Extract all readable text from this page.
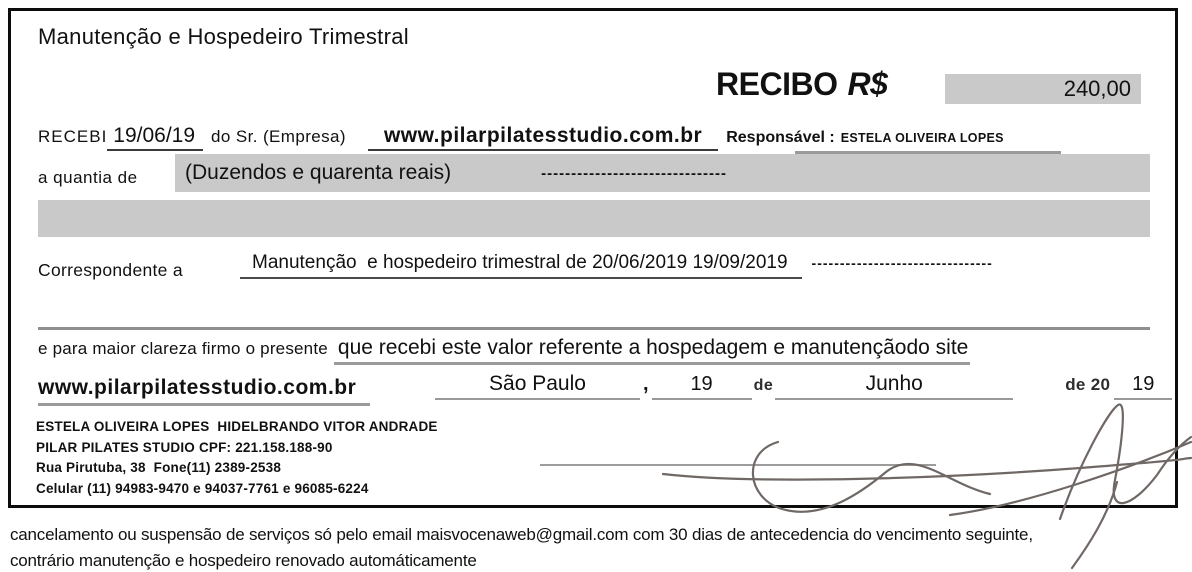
Manutenção e Hospedeiro Trimestral
RECIBO R$	240,00
RECEBI 19/06/19 do Sr. (Empresa)	www.pilarpilatesstudio.com.br	Responsável : ESTELA OLIVEIRA LOPES
a quantia de (Duzendos e quarenta reais)	-------------------------------
Correspondente a	Manutenção  e hospedeiro trimestral de 20/06/2019 19/09/2019	--------------------------------
e para maior clareza firmo o presente que recebi este valor referente a hospedagem e manutençãodo site
www.pilarpilatesstudio.com.br	São Paulo	,	19	de	Junho	de 20	19
ESTELA OLIVEIRA LOPES  HIDELBRANDO VITOR ANDRADE
PILAR PILATES STUDIO CPF: 221.158.188-90
Rua Pirutuba, 38  Fone(11) 2389-2538
Celular (11) 94983-9470 e 94037-7761 e 96085-6224
cancelamento ou suspensão de serviços só pelo email maisvocenaweb@gmail.com com 30 dias de antecedencia do vencimento seguinte,
contrário manutenção e hospedeiro renovado automáticamente
